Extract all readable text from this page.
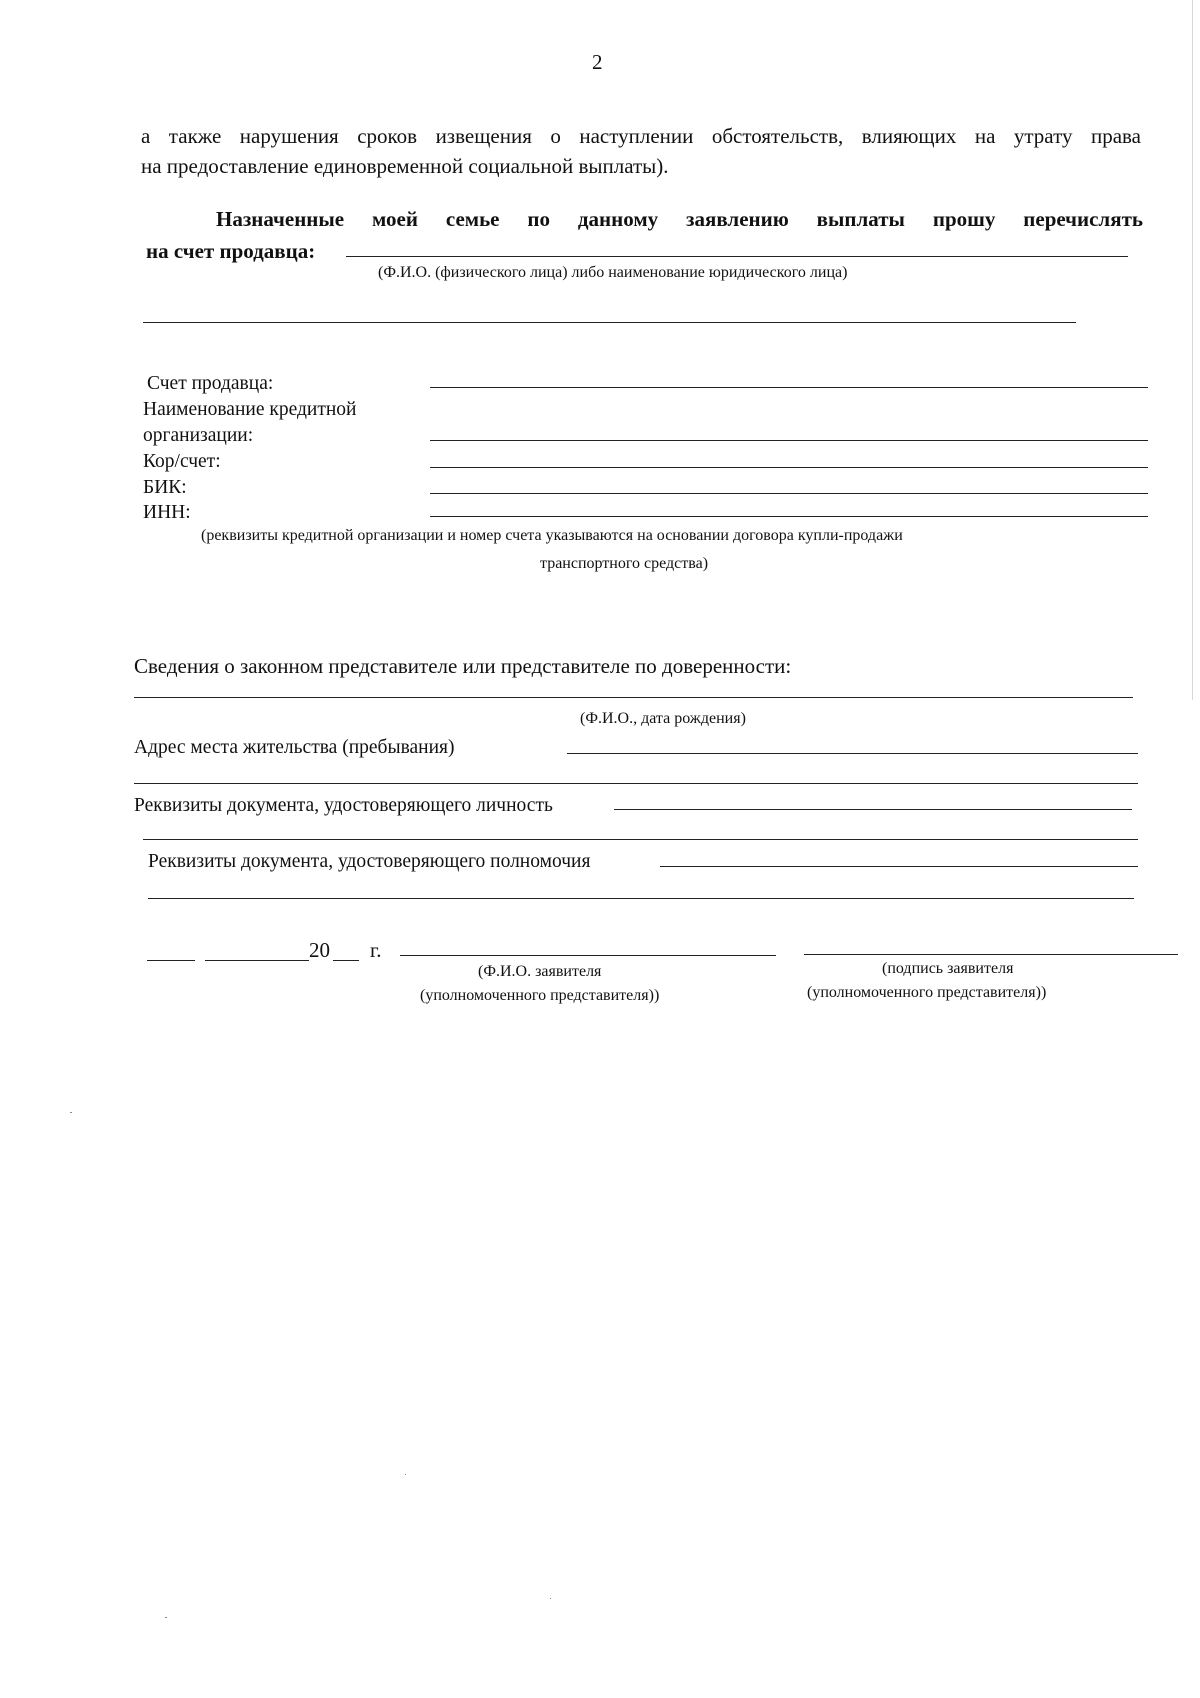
2
а также нарушения сроков извещения о наступлении обстоятельств, влияющих на утрату права
на предоставление единовременной социальной выплаты).
Назначенные моей семье по данному заявлению выплаты прошу перечислять
на счет продавца:
(Ф.И.О. (физического лица) либо наименование юридического лица)
Счет продавца:
Наименование кредитной
организации:
Кор/счет:
БИК:
ИНН:
(реквизиты кредитной организации и номер счета указываются на основании договора купли-продажи
транспортного средства)
Сведения о законном представителе или представителе по доверенности:
(Ф.И.О., дата рождения)
Адрес места жительства (пребывания)
Реквизиты документа, удостоверяющего личность
Реквизиты документа, удостоверяющего полномочия
20 г.
(Ф.И.О. заявителя
(уполномоченного представителя))
(подпись заявителя
(уполномоченного представителя))
